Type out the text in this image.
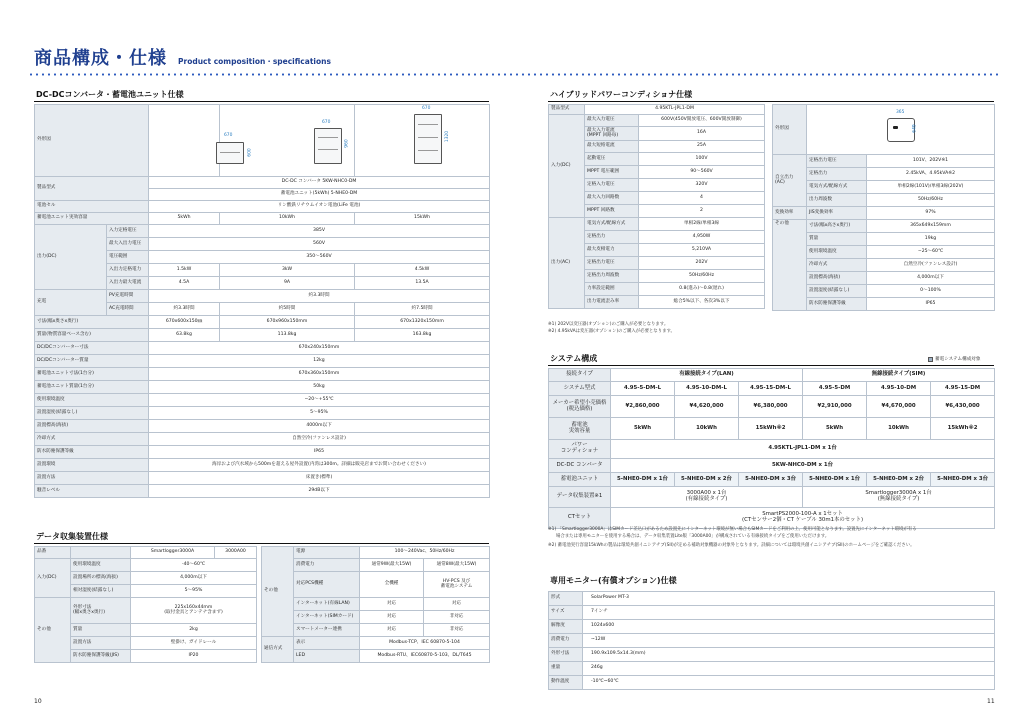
商品構成・仕様 Product composition・specifications
DC-DCコンバータ・蓄電池ユニット仕様
外形図				
製品型式		DC-DC コンバータ 5KW-NHC0-DM		
		蓄電池ユニット(5kWh) 5-NHE0-DM		
電池セル		リン酸鉄リチウムイオン電池(LiFe 電池)		
蓄電池ユニット実効容量		5kWh	10kWh	15kWh
出力(DC)	入力定格電圧	385V		
	最大入出力電圧	560V		
	電圧範囲	350～560V		
	入出力定格電力	1.5kW	3kW	4.5kW
	入出力最大電流	4.5A	9A	13.5A
充電	PV充電時間	約3.3時間		
	AC充電時間	約3.3時間	約5時間	約7.5時間
寸法(幅x奥さx奥行)		670x600x150㎜	670x960x150mm	670x1320x150mm
質量(物質容量ベース含む)		63.8kg	113.8kg	163.8kg
DC/DCコンバーター寸法		670x240x150mm		
DC/DCコンバーター質量		12kg		
蓄電池ユニット寸法(1台分)		670x360x150mm		
蓄電池ユニット質量(1台分)		50kg		
使用環境温度		−20～+55℃		
設置湿度(結露なし)		5～95%		
設置標高(海抜)		4000m以下		
冷却方式		自然空冷(ファンレス設計)		
防水防塵保護等級		IP65		
設置環境		海岸および汽水域から500mを超える屋外設置(内湾は300m。詳細は販売店までお問い合わせください)		
設置方法		床置き(標準)		
騒音レベル		29dB以下		
670
600
670
960
670
1320
データ収集装置仕様
品番		Smartlogger3000A	3000A00
入力(DC)	使用環境温度	-40～60℃	
	設置場所の標高(海抜)	4,000m以下	
	相対湿度(結露なし)	5～95%	
その他	外形寸法
(幅x奥さx奥行)	225x160x44mm
(取付金具とアンテナ含まず)	
	質量	2kg	
	設置方法	壁掛け、ガイドレール	
	防水防塵保護等級(JIS)	IP20	
その他	電源	100～240Vac、50Hz/60Hz	
	消費電力	通常9W(最大15W)	通常8W(最大15W)
	対応PCS機種	全機種	HV-PCS 及び
蓄電池システム
	インターネット(有線LAN)	対応	対応
	インターネット(SIMカード)	対応	非対応
	スマートメーター連携	対応	非対応
通信方式	表示	Modbus-TCP、IEC 60870-5-104	
	LED	Modbus-RTU、IEC60870-5-103、DL/T645	
ハイブリッドパワーコンディショナ仕様
製品型式	4.95KTL-JPL1-DM	
入力(DC)	最大入力電圧	600V(450V開放電圧、600V開放制御)
	最大入力電流
(MPPT 回路毎)	16A
	最大短絡電流	25A
	起動電圧	100V
	MPPT 電圧範囲	90～560V
	定格入力電圧	320V
	最大入力回路数	4
	MPPT 回路数	2
出力(AC)	電気方式/配線方式	単相2線/単相3線
	定格出力	4,950W
	最大皮相電力	5,210VA
	定格出力電圧	202V
	定格出力周波数	50Hz/60Hz
	力率設定範囲	0.8(進み)～0.8(遅れ)
	出力電流歪み率	総合5%以下、各次3%以下
外形図		
自立出力
(AC)	定格出力電圧	101V、202V※1
	定格出力	2.45kVA、4.95kVA※2
	電気方式/配線方式	単相2線(101V)/単相3線(202V)
	出力周波数	50Hz/60Hz
変換効率	JIS変換効率	97%
その他	寸法(幅x高さx奥行)	365x649x159mm
	質量	19kg
	使用環境温度	−25～60℃
	冷却方式	自然空冷(ファンレス設計)
	設置標高(海抜)	4,000m以下
	設置湿度(結露なし)	0～100%
	防水防塵保護等級	IP65
365
649
※1) 202V以変圧器(オプション)のご購入が必要となります。
※2) 4.95kVAは変圧器(オプション)のご購入が必要となります。
システム構成	蓄電システム構成対象
接続タイプ	有線接続タイプ(LAN)			無線接続タイプ(SIM)		
システム型式	4.95-5-DM-L	4.95-10-DM-L	4.95-15-DM-L	4.95-5-DM	4.95-10-DM	4.95-15-DM
メーカー希望小売価格
(税込価格)	¥2,860,000	¥4,620,000	¥6,380,000	¥2,910,000	¥4,670,000	¥6,430,000
蓄電池
実効容量	5kWh	10kWh	15kWh※2	5kWh	10kWh	15kWh※2
パワー
コンディショナ	4.95KTL-JPL1-DM x 1台					
DC-DC コンバータ	5KW-NHC0-DM x 1台					
蓄電池ユニット	5-NHE0-DM x 1台	5-NHE0-DM x 2台	5-NHE0-DM x 3台	5-NHE0-DM x 1台	5-NHE0-DM x 2台	5-NHE0-DM x 3台
データ収集装置※1	3000A00 x 1台
(有線接続タイプ)			Smartlogger3000A x 1台
(無線接続タイプ)		
CTセット	SmartPS2000-100-A x 1セット
(CTセンサー2個・CT ケーブル 30m1本のセット)					
※1) 「Smartlogger3000A」はSIMカード差込口があるため設置先にインターネット環境が無い場合もSIMカードをご利用の上、使用可能となります。設置先にインターネット環境が有る
場合または専用モニターを使用する場合は、データ収集装置Lite版「3000A00」が構成されている有線接続タイプをご使用いただけます。
※2) 蓄電池実行容量15kWhの製品は環境共創イニシアチブ(SII)が定める補助対象機器の対象外となります。詳細については環境共創イニシアチブ(SII)のホームページをご確認ください。
専用モニター(有償オプション)仕様
形式	SolarPower MT-3
サイズ	7インチ
解像度	1024x600
消費電力	~12W
外形寸法	190.9x109.5x14.3(mm)
重量	246g
動作温度	-10℃~60℃
10	11
